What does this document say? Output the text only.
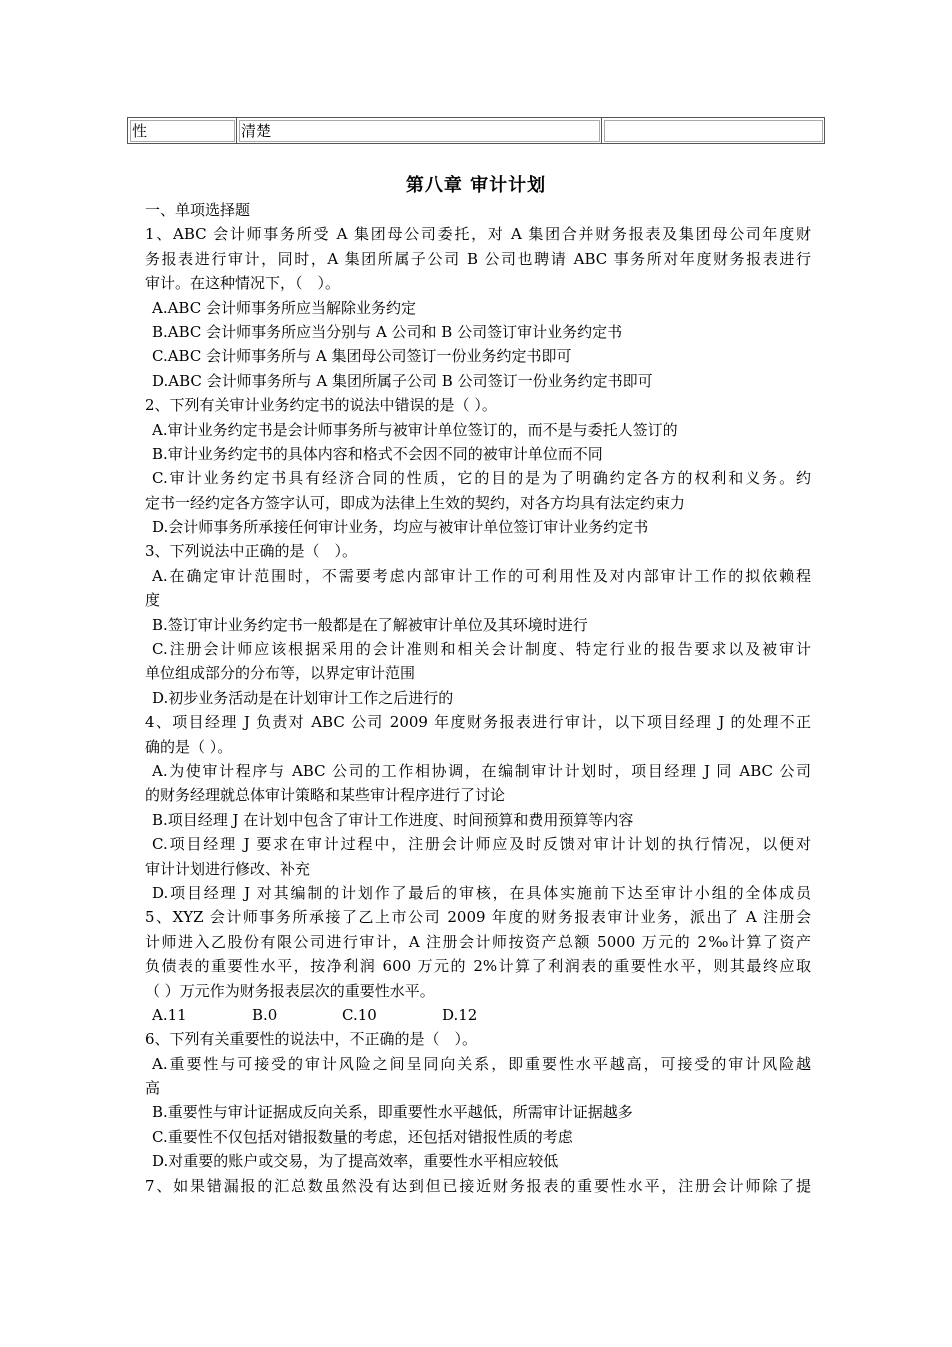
性	清楚	
第八章 审计计划
一、单项选择题
1、ABC 会计师事务所受 A 集团母公司委托，对 A 集团合并财务报表及集团母公司年度财
务报表进行审计，同时，A 集团所属子公司 B 公司也聘请 ABC 事务所对年度财务报表进行
审计。在这种情况下，（　）。
A.ABC 会计师事务所应当解除业务约定
B.ABC 会计师事务所应当分别与 A 公司和 B 公司签订审计业务约定书
C.ABC 会计师事务所与 A 集团母公司签订一份业务约定书即可
D.ABC 会计师事务所与 A 集团所属子公司 B 公司签订一份业务约定书即可
2、下列有关审计业务约定书的说法中错误的是（ ）。
A.审计业务约定书是会计师事务所与被审计单位签订的，而不是与委托人签订的
B.审计业务约定书的具体内容和格式不会因不同的被审计单位而不同
C.审计业务约定书具有经济合同的性质，它的目的是为了明确约定各方的权利和义务。约
定书一经约定各方签字认可，即成为法律上生效的契约，对各方均具有法定约束力
D.会计师事务所承接任何审计业务，均应与被审计单位签订审计业务约定书
3、下列说法中正确的是（　）。
A.在确定审计范围时，不需要考虑内部审计工作的可利用性及对内部审计工作的拟依赖程
度
B.签订审计业务约定书一般都是在了解被审计单位及其环境时进行
C.注册会计师应该根据采用的会计准则和相关会计制度、特定行业的报告要求以及被审计
单位组成部分的分布等，以界定审计范围
D.初步业务活动是在计划审计工作之后进行的
4、项目经理 J 负责对 ABC 公司 2009 年度财务报表进行审计，以下项目经理 J 的处理不正
确的是（ ）。
A.为使审计程序与 ABC 公司的工作相协调，在编制审计计划时，项目经理 J 同 ABC 公司
的财务经理就总体审计策略和某些审计程序进行了讨论
B.项目经理 J 在计划中包含了审计工作进度、时间预算和费用预算等内容
C.项目经理 J 要求在审计过程中，注册会计师应及时反馈对审计计划的执行情况，以便对
审计计划进行修改、补充
D.项目经理 J 对其编制的计划作了最后的审核，在具体实施前下达至审计小组的全体成员
5、XYZ 会计师事务所承接了乙上市公司 2009 年度的财务报表审计业务，派出了 A 注册会
计师进入乙股份有限公司进行审计，A 注册会计师按资产总额 5000 万元的 2‰计算了资产
负债表的重要性水平，按净利润 600 万元的 2%计算了利润表的重要性水平，则其最终应取
（ ）万元作为财务报表层次的重要性水平。
A.11	B.0	C.10	D.12
6、下列有关重要性的说法中，不正确的是（　）。
A.重要性与可接受的审计风险之间呈同向关系，即重要性水平越高，可接受的审计风险越
高
B.重要性与审计证据成反向关系，即重要性水平越低，所需审计证据越多
C.重要性不仅包括对错报数量的考虑，还包括对错报性质的考虑
D.对重要的账户或交易，为了提高效率，重要性水平相应较低
7、如果错漏报的汇总数虽然没有达到但已接近财务报表的重要性水平，注册会计师除了提
